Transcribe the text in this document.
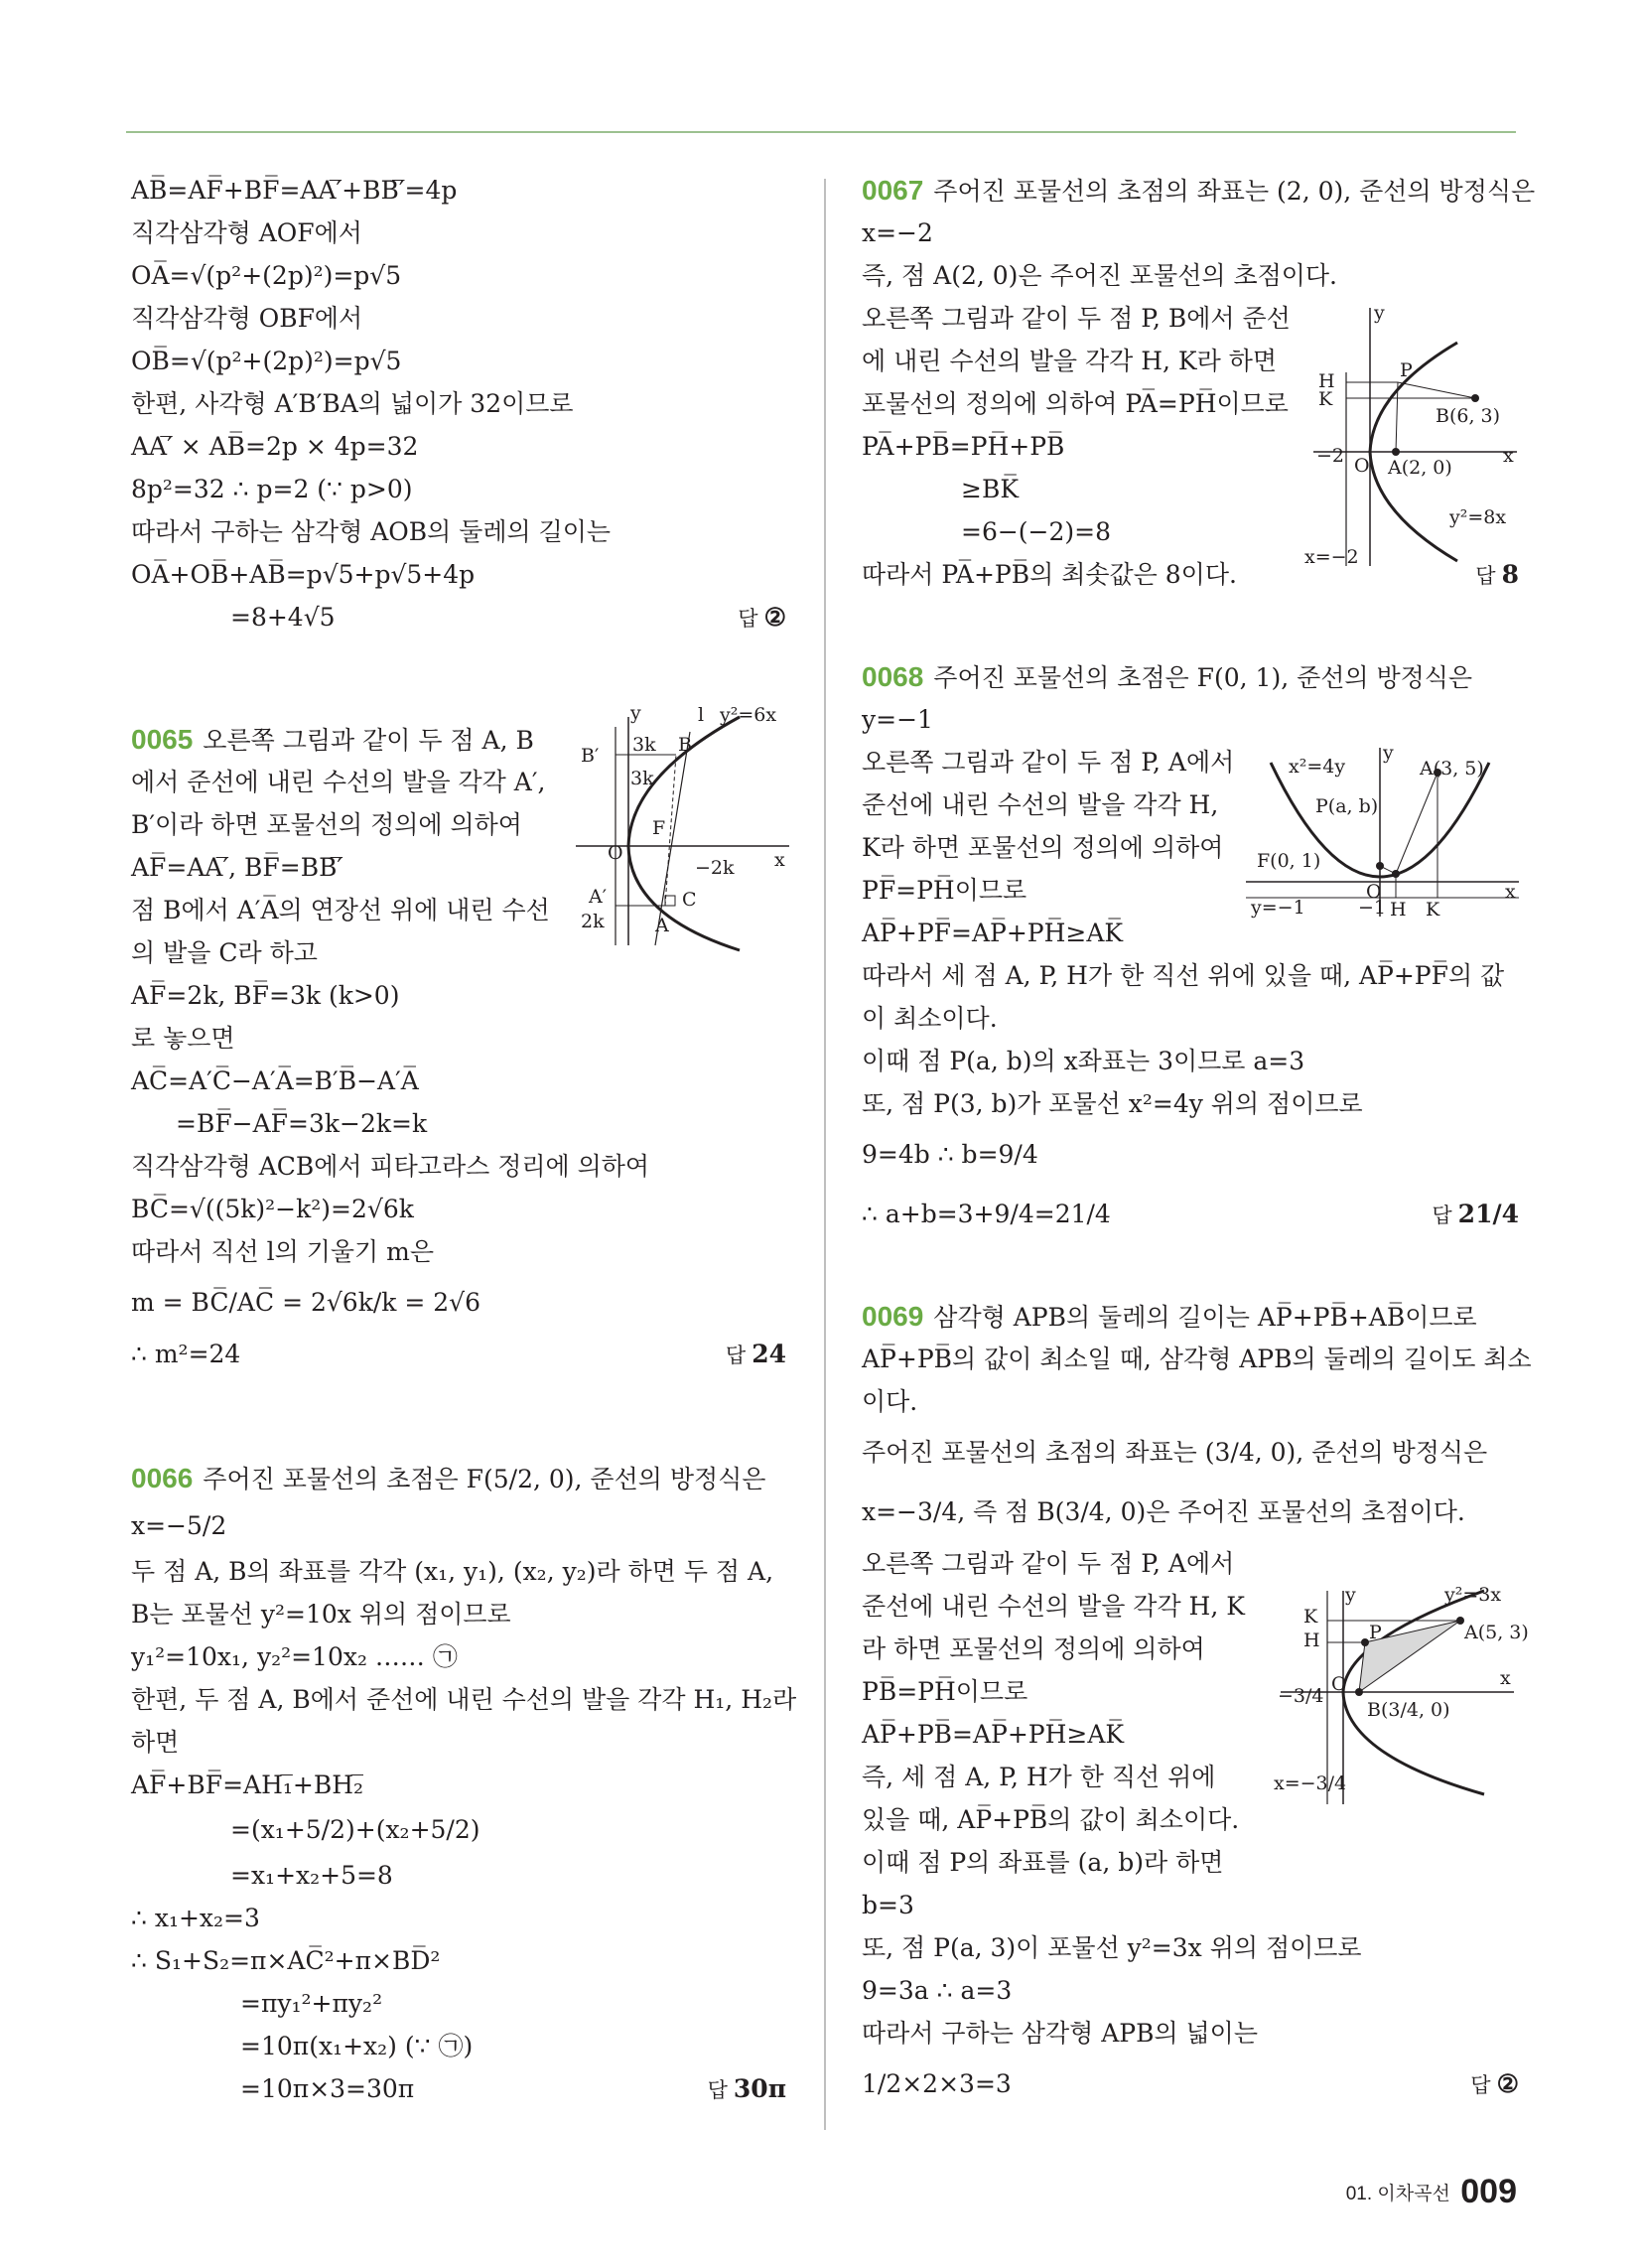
AB̅=AF̅+BF̅=AA′̅+BB′̅=4p
직각삼각형 AOF에서
OA̅=√(p²+(2p)²)=p√5
직각삼각형 OBF에서
OB̅=√(p²+(2p)²)=p√5
한편, 사각형 A′B′BA의 넓이가 32이므로
AA′̅ × AB̅=2p × 4p=32
8p²=32 ∴ p=2 (∵ p>0)
따라서 구하는 삼각형 AOB의 둘레의 길이는
OA̅+OB̅+AB̅=p√5+p√5+4p
=8+4√5	답 ②
0065 오른쪽 그림과 같이 두 점 A, B
에서 준선에 내린 수선의 발을 각각 A′,
B′이라 하면 포물선의 정의에 의하여
AF̅=AA′̅, BF̅=BB′̅
점 B에서 A′A̅의 연장선 위에 내린 수선
의 발을 C라 하고
AF̅=2k, BF̅=3k (k>0)
로 놓으면
AC̅=A′C̅−A′A̅=B′B̅−A′A̅
=BF̅−AF̅=3k−2k=k
직각삼각형 ACB에서 피타고라스 정리에 의하여
BC̅=√((5k)²−k²)=2√6k
따라서 직선 l의 기울기 m은
m = BC̅/AC̅ = 2√6k/k = 2√6
∴ m²=24	답 24
0066 주어진 포물선의 초점은 F(5/2, 0), 준선의 방정식은
x=−5/2
두 점 A, B의 좌표를 각각 (x₁, y₁), (x₂, y₂)라 하면 두 점 A,
B는 포물선 y²=10x 위의 점이므로
y₁²=10x₁, y₂²=10x₂ …… ㉠
한편, 두 점 A, B에서 준선에 내린 수선의 발을 각각 H₁, H₂라
하면
AF̅+BF̅=AH₁̅+BH₂̅
=(x₁+5/2)+(x₂+5/2)
=x₁+x₂+5=8
∴ x₁+x₂=3
∴ S₁+S₂=π×AC̅²+π×BD̅²
=πy₁²+πy₂²
=10π(x₁+x₂) (∵ ㉠)
=10π×3=30π	답 30π
B′
y	l y²=6x
3k
3k
B
F
O	x
−2k
A′
2k	A
C
0067 주어진 포물선의 초점의 좌표는 (2, 0), 준선의 방정식은
x=−2
즉, 점 A(2, 0)은 주어진 포물선의 초점이다.
오른쪽 그림과 같이 두 점 P, B에서 준선
에 내린 수선의 발을 각각 H, K라 하면
포물선의 정의에 의하여 PA̅=PH̅이므로
PA̅+PB̅=PH̅+PB̅
≥BK̅
=6−(−2)=8
따라서 PA̅+PB̅의 최솟값은 8이다.	답 8
0068 주어진 포물선의 초점은 F(0, 1), 준선의 방정식은
y=−1
오른쪽 그림과 같이 두 점 P, A에서
준선에 내린 수선의 발을 각각 H,
K라 하면 포물선의 정의에 의하여
PF̅=PH̅이므로
AP̅+PF̅=AP̅+PH̅≥AK̅
따라서 세 점 A, P, H가 한 직선 위에 있을 때, AP̅+PF̅의 값
이 최소이다.
이때 점 P(a, b)의 x좌표는 3이므로 a=3
또, 점 P(3, b)가 포물선 x²=4y 위의 점이므로
9=4b ∴ b=9/4
∴ a+b=3+9/4=21/4	답 21/4
0069 삼각형 APB의 둘레의 길이는 AP̅+PB̅+AB̅이므로
AP̅+PB̅의 값이 최소일 때, 삼각형 APB의 둘레의 길이도 최소
이다.
주어진 포물선의 초점의 좌표는 (3/4, 0), 준선의 방정식은
x=−3/4, 즉 점 B(3/4, 0)은 주어진 포물선의 초점이다.
오른쪽 그림과 같이 두 점 P, A에서
준선에 내린 수선의 발을 각각 H, K
라 하면 포물선의 정의에 의하여
PB̅=PH̅이므로
AP̅+PB̅=AP̅+PH̅≥AK̅
즉, 세 점 A, P, H가 한 직선 위에
있을 때, AP̅+PB̅의 값이 최소이다.
이때 점 P의 좌표를 (a, b)라 하면
b=3
또, 점 P(a, 3)이 포물선 y²=3x 위의 점이므로
9=3a ∴ a=3
따라서 구하는 삼각형 APB의 넓이는
1/2×2×3=3	답 ②
y
H
K
P
B(6, 3)
−2 O A(2, 0)
x
y²=8x
x=−2
x²=4y
y
A(3, 5)
P(a, b)
F(0, 1)
O	x
y=−1	−1 H K
y	y²=3x
K
H	P	A(5, 3)
O	x
−3/4
B(3/4, 0)
x=−3/4
01. 이차곡선 009
